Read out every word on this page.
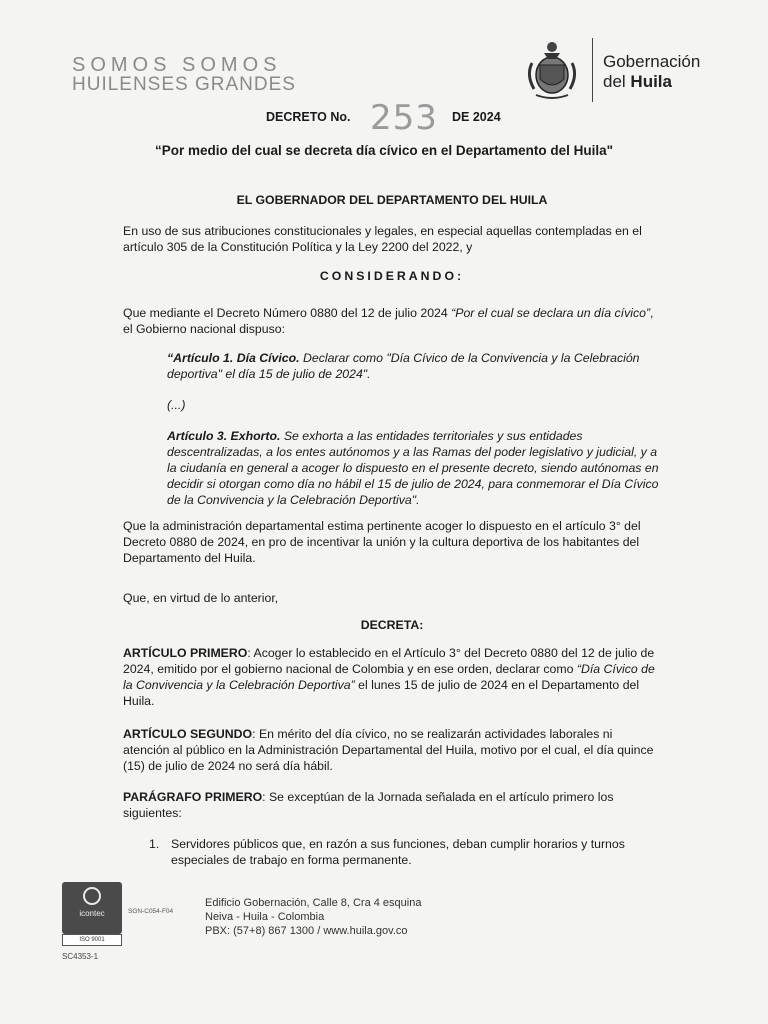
SOMOS SOMOS
HUILENSES GRANDES
Gobernación
del Huila
DECRETO No. 253 DE 2024
“Por medio del cual se decreta día cívico en el Departamento del Huila"

EL GOBERNADOR DEL DEPARTAMENTO DEL HUILA

En uso de sus atribuciones constitucionales y legales, en especial aquellas contempladas en el artículo 305 de la Constitución Política y la Ley 2200 del 2022, y

CONSIDERANDO:

Que mediante el Decreto Número 0880 del 12 de julio 2024 “Por el cual se declara un día cívico”, el Gobierno nacional dispuso:

“Artículo 1. Día Cívico. Declarar como "Día Cívico de la Convivencia y la Celebración deportiva" el día 15 de julio de 2024".

(...)

Artículo 3. Exhorto. Se exhorta a las entidades territoriales y sus entidades descentralizadas, a los entes autónomos y a las Ramas del poder legislativo y judicial, y a la ciudanía en general a acoger lo dispuesto en el presente decreto, siendo autónomas en decidir si otorgan como día no hábil el 15 de julio de 2024, para conmemorar el Día Cívico de la Convivencia y la Celebración Deportiva".

Que la administración departamental estima pertinente acoger lo dispuesto en el artículo 3° del Decreto 0880 de 2024, en pro de incentivar la unión y la cultura deportiva de los habitantes del Departamento del Huila.

Que, en virtud de lo anterior,

DECRETA:

ARTÍCULO PRIMERO: Acoger lo establecido en el Artículo 3° del Decreto 0880 del 12 de julio de 2024, emitido por el gobierno nacional de Colombia y en ese orden, declarar como “Día Cívico de la Convivencia y la Celebración Deportiva” el lunes 15 de julio de 2024 en el Departamento del Huila.

ARTÍCULO SEGUNDO: En mérito del día cívico, no se realizarán actividades laborales ni atención al público en la Administración Departamental del Huila, motivo por el cual, el día quince (15) de julio de 2024 no será día hábil.

PARÁGRAFO PRIMERO: Se exceptúan de la Jornada señalada en el artículo primero los siguientes:

1. Servidores públicos que, en razón a sus funciones, deban cumplir horarios y turnos especiales de trabajo en forma permanente.
icontec
ISO 9001
SC4353-1
SGN-C054-F04
Edificio Gobernación, Calle 8, Cra 4 esquina
Neiva - Huila - Colombia
PBX: (57+8) 867 1300 / www.huila.gov.co
